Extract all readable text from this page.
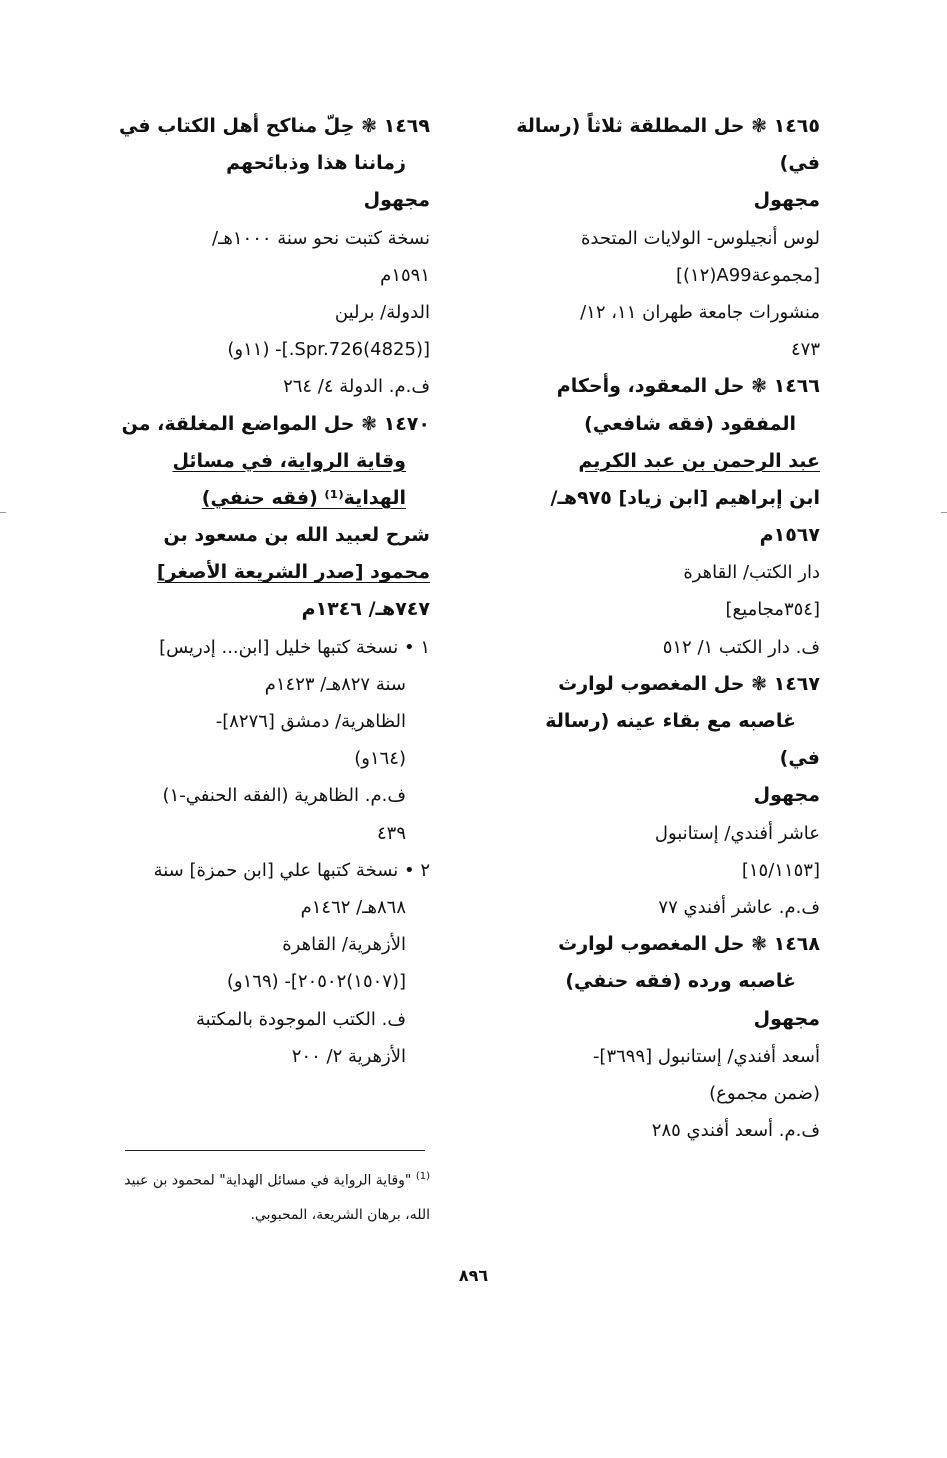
١٤٦٥ ❃ حل المطلقة ثلاثاً (رسالة
في)
مجهول
لوس أنجيلوس- الولايات المتحدة
[مجموعةA99(١٢)]
منشورات جامعة طهران ١١، ١٢/
٤٧٣
١٤٦٦ ❃ حل المعقود، وأحكام
المفقود (فقه شافعي)
عبد الرحمن بن عبد الكريم
ابن إبراهيم [ابن زياد] ٩٧٥هـ/
١٥٦٧م
دار الكتب/ القاهرة
[٣٥٤مجاميع]
ف. دار الكتب ١/ ٥١٢
١٤٦٧ ❃ حل المغصوب لوارث
غاصبه مع بقاء عينه (رسالة
في)
مجهول
عاشر أفندي/ إستانبول
[١٥/١١٥٣]
ف.م. عاشر أفندي ٧٧
١٤٦٨ ❃ حل المغصوب لوارث
غاصبه ورده (فقه حنفي)
مجهول
أسعد أفندي/ إستانبول [٣٦٩٩]-
(ضمن مجموع)
ف.م. أسعد أفندي ٢٨٥
١٤٦٩ ❃ حِلّ مناكح أهل الكتاب في
زماننا هذا وذبائحهم
مجهول
نسخة كتبت نحو سنة ١٠٠٠هـ/
١٥٩١م
الدولة/ برلين
[(4825)Spr.726.]- (١١و)
ف.م. الدولة ٤/ ٢٦٤
١٤٧٠ ❃ حل المواضع المغلقة، من
وقاية الرواية، في مسائل
الهداية⁽¹⁾ (فقه حنفي)
شرح لعبيد الله بن مسعود بن
محمود [صدر الشريعة الأصغر]
٧٤٧هـ/ ١٣٤٦م
١ • نسخة كتبها خليل [ابن... إدريس]
سنة ٨٢٧هـ/ ١٤٢٣م
الظاهرية/ دمشق [٨٢٧٦]-
(١٦٤و)
ف.م. الظاهرية (الفقه الحنفي-١)
٤٣٩
٢ • نسخة كتبها علي [ابن حمزة] سنة
٨٦٨هـ/ ١٤٦٢م
الأزهرية/ القاهرة
[(١٥٠٧)٢٠٥٠٢]- (١٦٩و)
ف. الكتب الموجودة بالمكتبة
الأزهرية ٢/ ٢٠٠
$^{(1)}$ "وقاية الرواية في مسائل الهداية" لمحمود بن عبيد
الله، برهان الشريعة، المحبوبي.
٨٩٦
